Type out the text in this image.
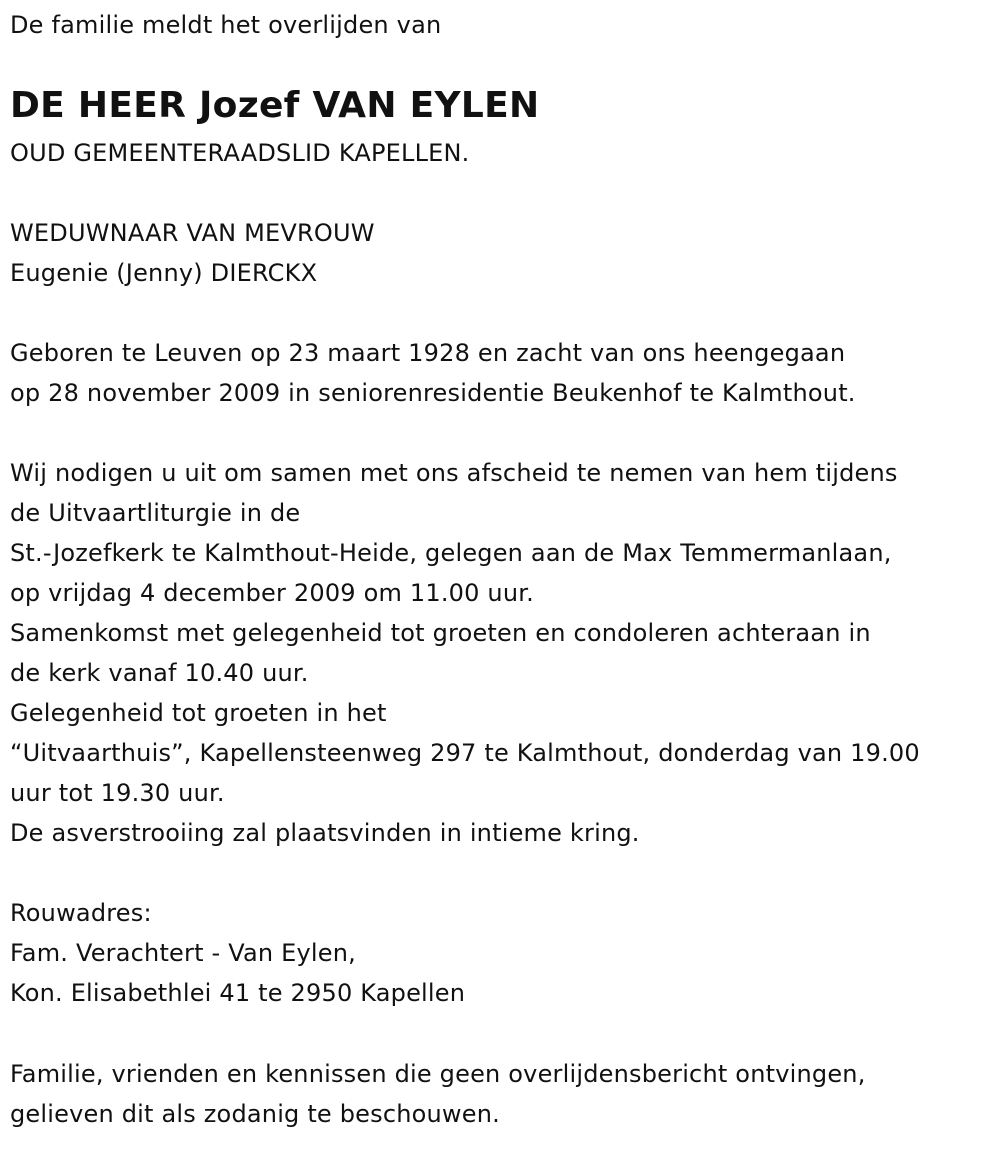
De familie meldt het overlijden van
DE HEER Jozef VAN EYLEN
OUD GEMEENTERAADSLID KAPELLEN.
WEDUWNAAR VAN MEVROUW
Eugenie (Jenny) DIERCKX
Geboren te Leuven op 23 maart 1928 en zacht van ons heengegaan
op 28 november 2009 in seniorenresidentie Beukenhof te Kalmthout.
Wij nodigen u uit om samen met ons afscheid te nemen van hem tijdens
de Uitvaartliturgie in de
St.-Jozefkerk te Kalmthout-Heide, gelegen aan de Max Temmermanlaan,
op vrijdag 4 december 2009 om 11.00 uur.
Samenkomst met gelegenheid tot groeten en condoleren achteraan in
de kerk vanaf 10.40 uur.
Gelegenheid tot groeten in het
“Uitvaarthuis”, Kapellensteenweg 297 te Kalmthout, donderdag van 19.00
uur tot 19.30 uur.
De asverstrooiing zal plaatsvinden in intieme kring.
Rouwadres:
Fam. Verachtert - Van Eylen,
Kon. Elisabethlei 41 te 2950 Kapellen
Familie, vrienden en kennissen die geen overlijdensbericht ontvingen,
gelieven dit als zodanig te beschouwen.
